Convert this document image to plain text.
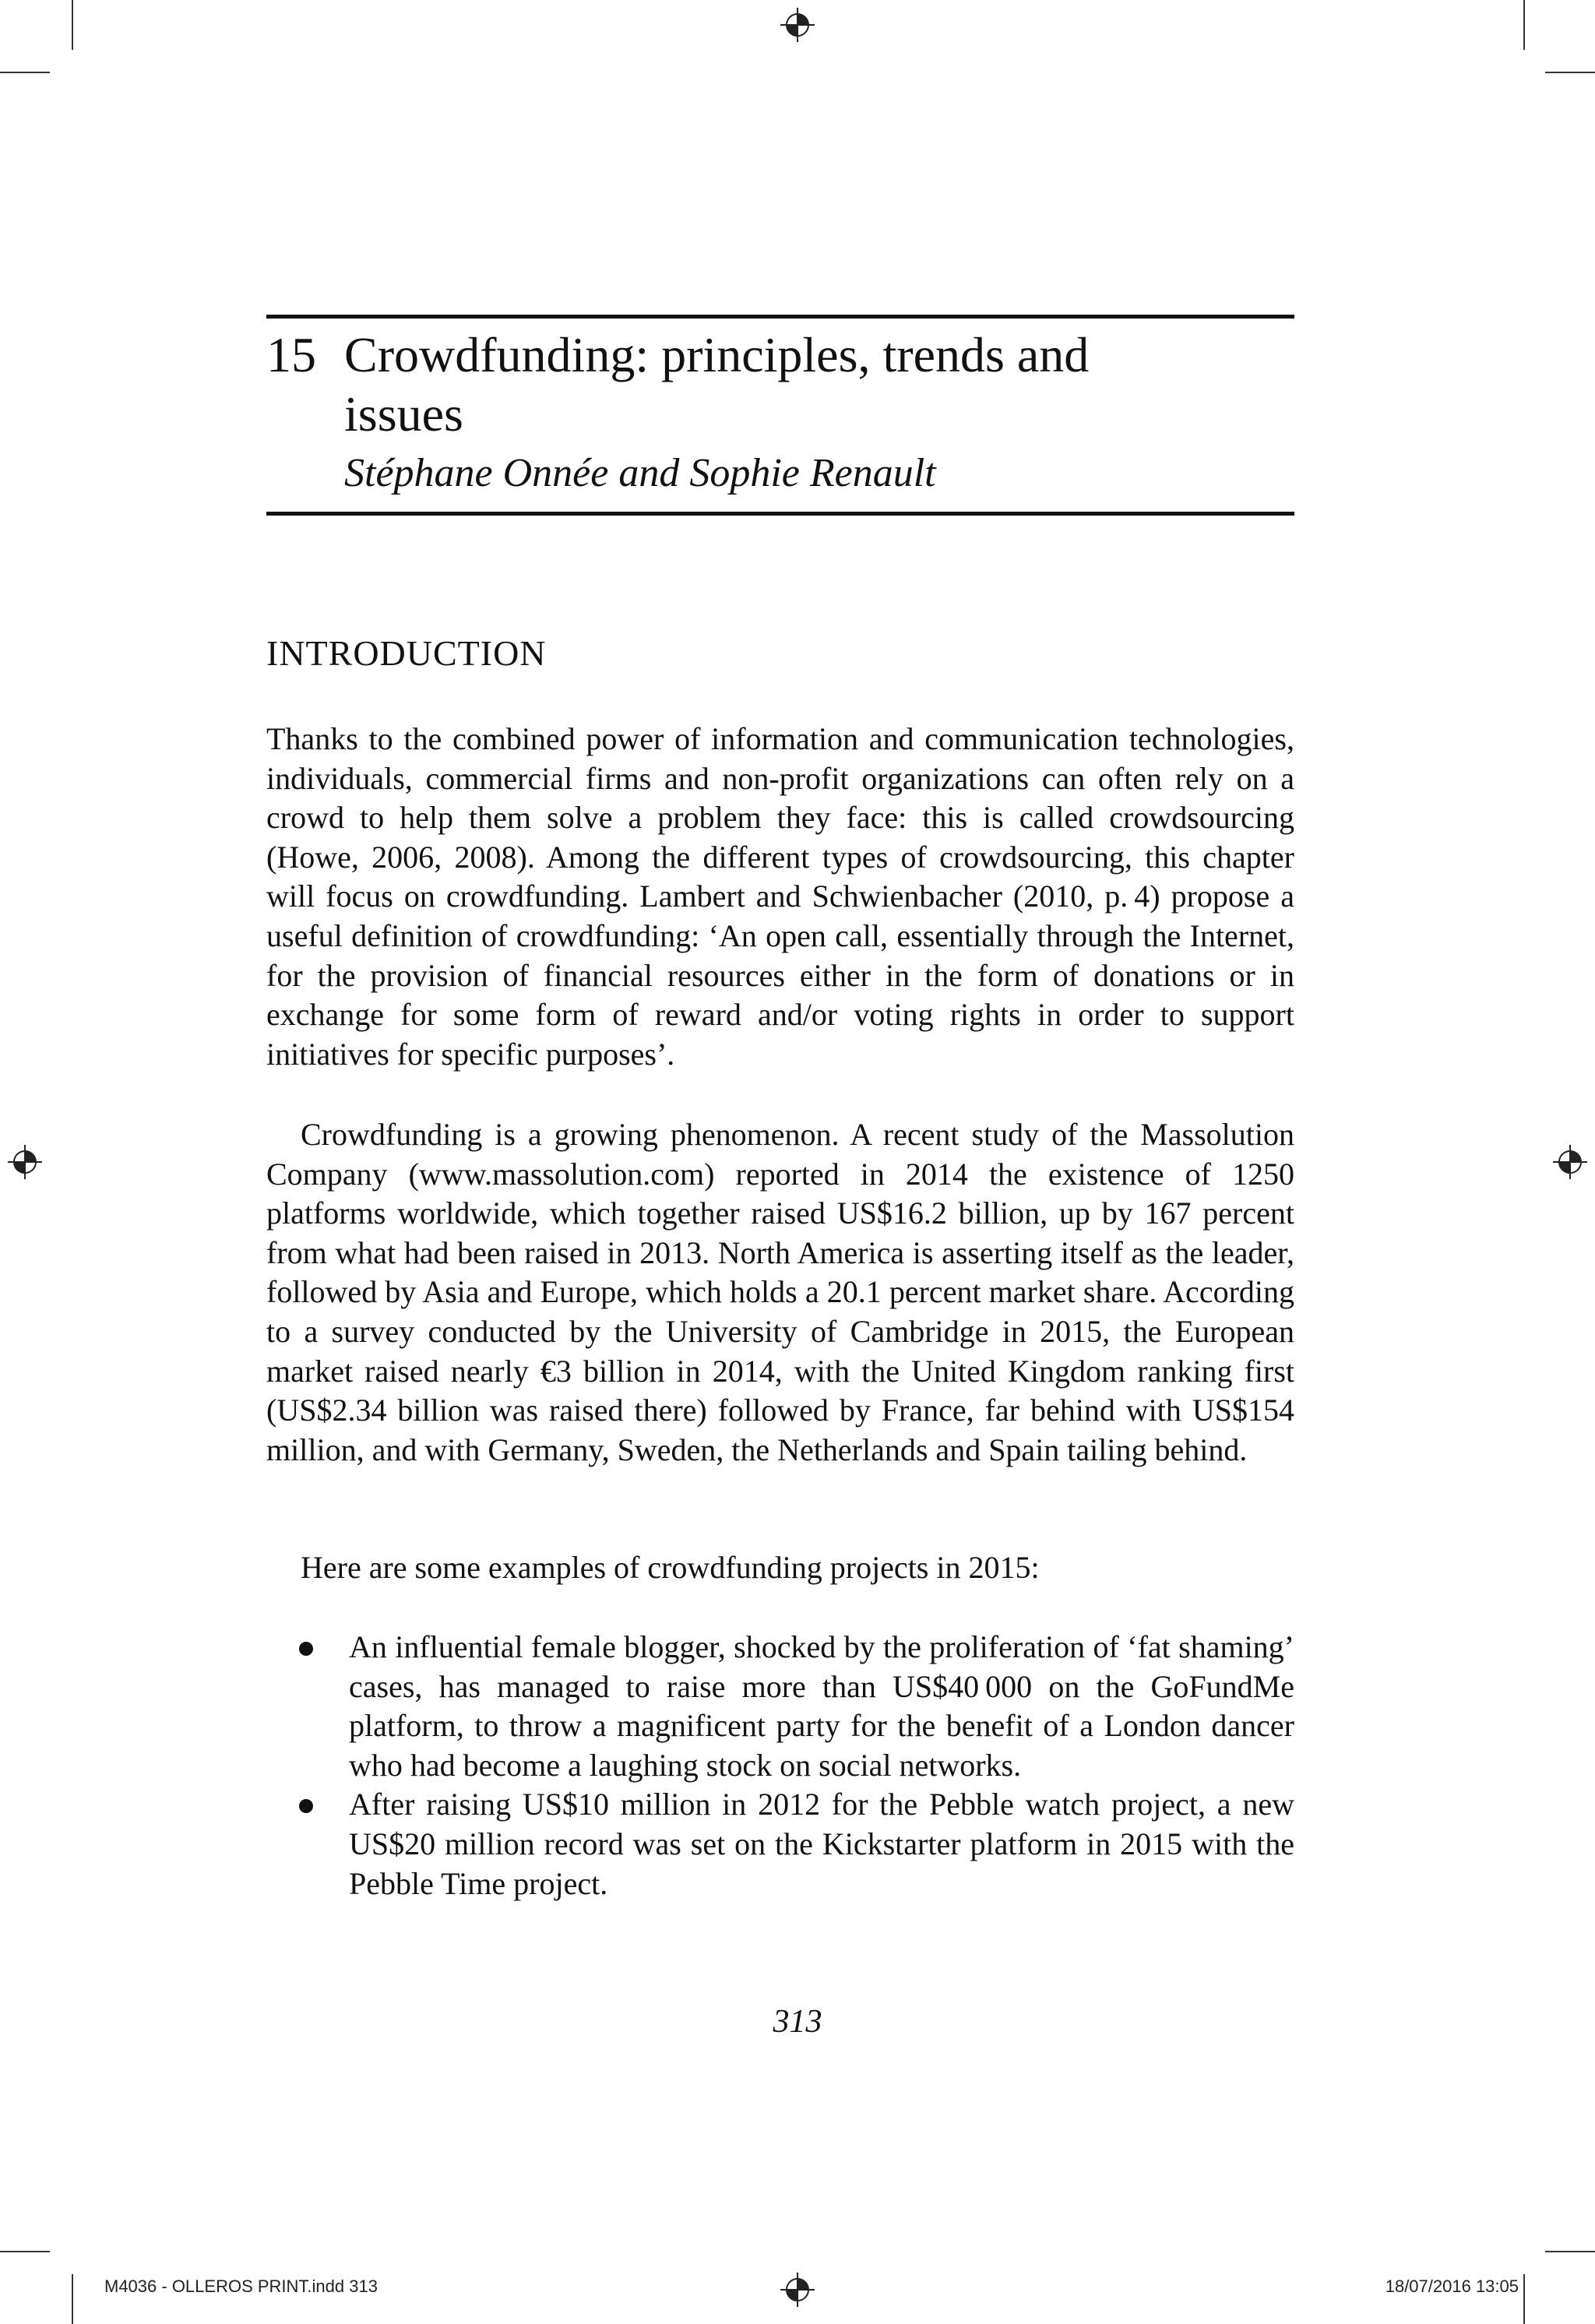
15 Crowdfunding: principles, trends and
issues
Stéphane Onnée and Sophie Renault
INTRODUCTION
Thanks to the combined power of information and communication technologies, individuals, commercial firms and non-profit organizations can often rely on a crowd to help them solve a problem they face: this is called crowdsourcing (Howe, 2006, 2008). Among the different types of crowdsourcing, this chapter will focus on crowdfunding. Lambert and Schwienbacher (2010, p. 4) propose a useful definition of crowdfunding: ‘An open call, essentially through the Internet, for the provision of financial resources either in the form of donations or in exchange for some form of reward and/or voting rights in order to support initiatives for specific purposes’.
Crowdfunding is a growing phenomenon. A recent study of the Massolution Company (www.massolution.com) reported in 2014 the existence of 1250 platforms worldwide, which together raised US$16.2 billion, up by 167 percent from what had been raised in 2013. North America is asserting itself as the leader, followed by Asia and Europe, which holds a 20.1 percent market share. According to a survey conducted by the University of Cambridge in 2015, the European market raised nearly €3 billion in 2014, with the United Kingdom ranking first (US$2.34 billion was raised there) followed by France, far behind with US$154 million, and with Germany, Sweden, the Netherlands and Spain tailing behind.
Here are some examples of crowdfunding projects in 2015:
An influential female blogger, shocked by the proliferation of ‘fat shaming’ cases, has managed to raise more than US$40 000 on the GoFundMe platform, to throw a magnificent party for the benefit of a London dancer who had become a laughing stock on social networks.
After raising US$10 million in 2012 for the Pebble watch project, a new US$20 million record was set on the Kickstarter platform in 2015 with the Pebble Time project.
313
M4036 - OLLEROS PRINT.indd 313	18/07/2016 13:05
